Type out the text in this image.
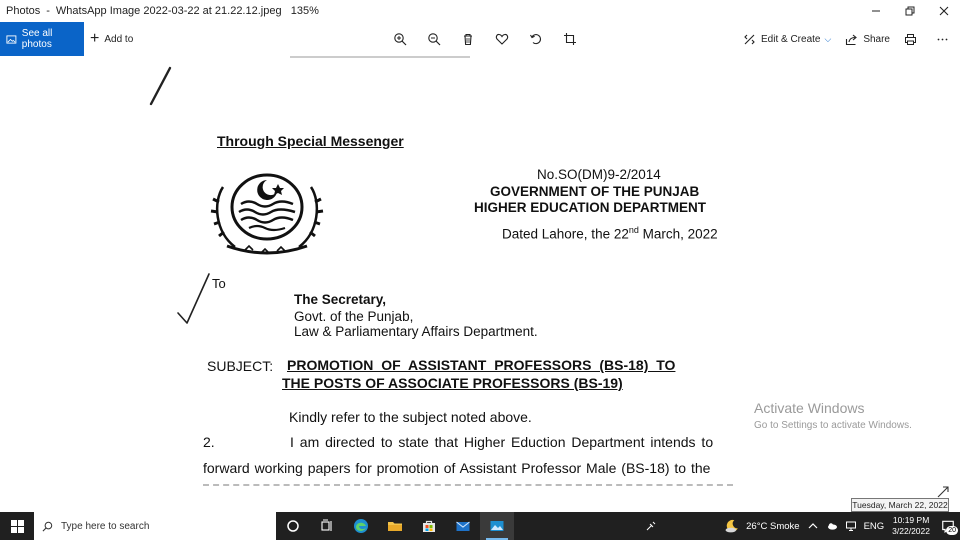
Photos - WhatsApp Image 2022-03-22 at 21.22.12.jpeg 135%
See all photos	+ Add to	Edit & Create ⌵	Share
Through Special Messenger
No.SO(DM)9-2/2014
GOVERNMENT OF THE PUNJAB
HIGHER EDUCATION DEPARTMENT
Dated Lahore, the 22nd March, 2022
To
The Secretary,
Govt. of the Punjab,
Law & Parliamentary Affairs Department.
SUBJECT: PROMOTION OF ASSISTANT PROFESSORS (BS-18) TO
THE POSTS OF ASSOCIATE PROFESSORS (BS-19)
Kindly refer to the subject noted above.
2.	I am directed to state that Higher Eduction Department intends to
forward working papers for promotion of Assistant Professor Male (BS-18) to the
Activate Windows
Go to Settings to activate Windows.
Tuesday, March 22, 2022
Type here to search	26°C Smoke	ENG
10:19 PM
3/22/2022	20
